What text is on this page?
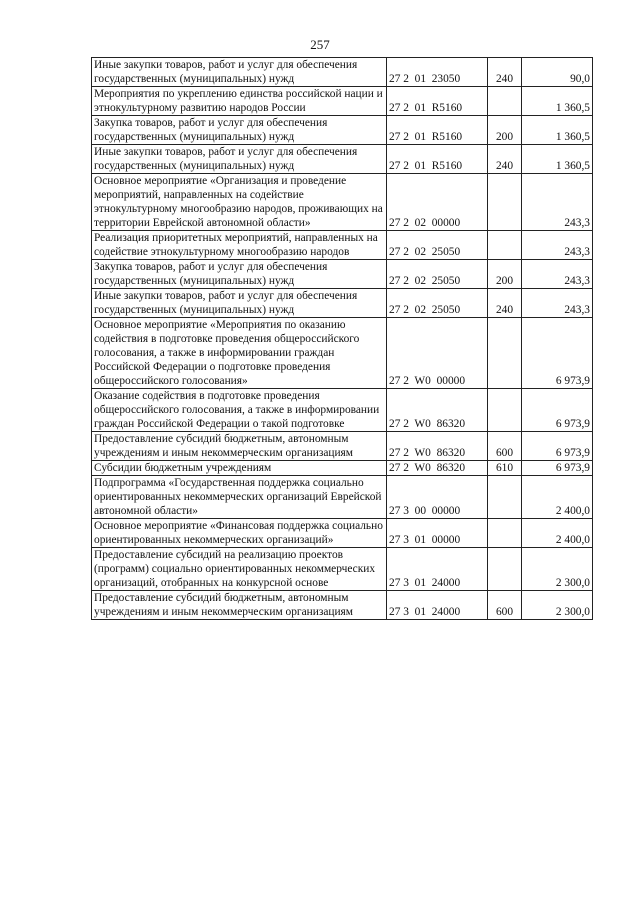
257
Иные закупки товаров, работ и услуг для обеспечения государственных (муниципальных) нужд	27 2  01  23050	240	90,0
Мероприятия по укреплению единства российской нации и этнокультурному развитию народов России	27 2  01  R5160		1 360,5
Закупка товаров, работ и услуг для обеспечения государственных (муниципальных) нужд	27 2  01  R5160	200	1 360,5
Иные закупки товаров, работ и услуг для обеспечения государственных (муниципальных) нужд	27 2  01  R5160	240	1 360,5
Основное мероприятие «Организация и проведение мероприятий, направленных на содействие этнокультурному многообразию народов, проживающих на территории Еврейской автономной области»	27 2  02  00000		243,3
Реализация приоритетных мероприятий, направленных на содействие этнокультурному многообразию народов	27 2  02  25050		243,3
Закупка товаров, работ и услуг для обеспечения государственных (муниципальных) нужд	27 2  02  25050	200	243,3
Иные закупки товаров, работ и услуг для обеспечения государственных (муниципальных) нужд	27 2  02  25050	240	243,3
Основное мероприятие «Мероприятия по оказанию содействия в подготовке проведения общероссийского голосования, а также в информировании граждан Российской Федерации о подготовке проведения общероссийского голосования»	27 2  W0  00000		6 973,9
Оказание содействия в подготовке проведения общероссийского голосования, а также в информировании граждан Российской Федерации о такой подготовке	27 2  W0  86320		6 973,9
Предоставление субсидий бюджетным, автономным учреждениям и иным некоммерческим организациям	27 2  W0  86320	600	6 973,9
Субсидии бюджетным учреждениям	27 2  W0  86320	610	6 973,9
Подпрограмма «Государственная поддержка социально ориентированных некоммерческих организаций Еврейской автономной области»	27 3  00  00000		2 400,0
Основное мероприятие «Финансовая поддержка социально ориентированных некоммерческих организаций»	27 3  01  00000		2 400,0
Предоставление субсидий на реализацию проектов (программ) социально ориентированных некоммерческих организаций, отобранных на конкурсной основе	27 3  01  24000		2 300,0
Предоставление субсидий бюджетным, автономным учреждениям и иным некоммерческим организациям	27 3  01  24000	600	2 300,0
